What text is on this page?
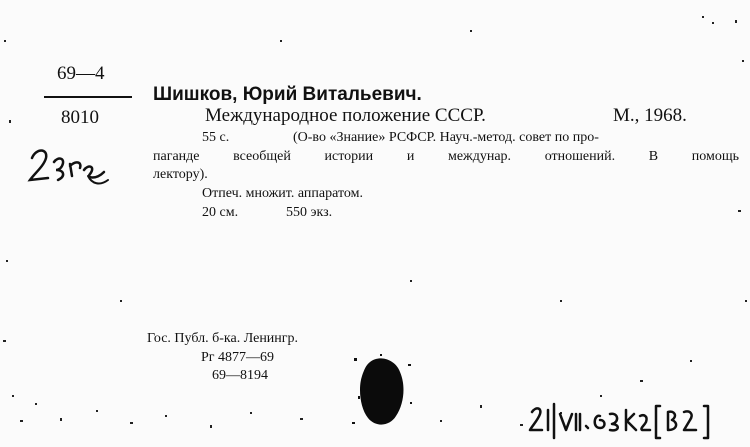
69—4
8010
Шишков, Юрий Витальевич.
Международное положение СССР.	М., 1968.
55 с.	(О-во «Знание» РСФСР. Науч.-метод. совет по про-
паганде всеобщей истории и междунар. отношений. В помощь
лектору).
Отпеч. множит. аппаратом.
20 см.	550 экз.
Гос. Публ. б-ка. Ленингр.
Рг 4877—69
69—8194
